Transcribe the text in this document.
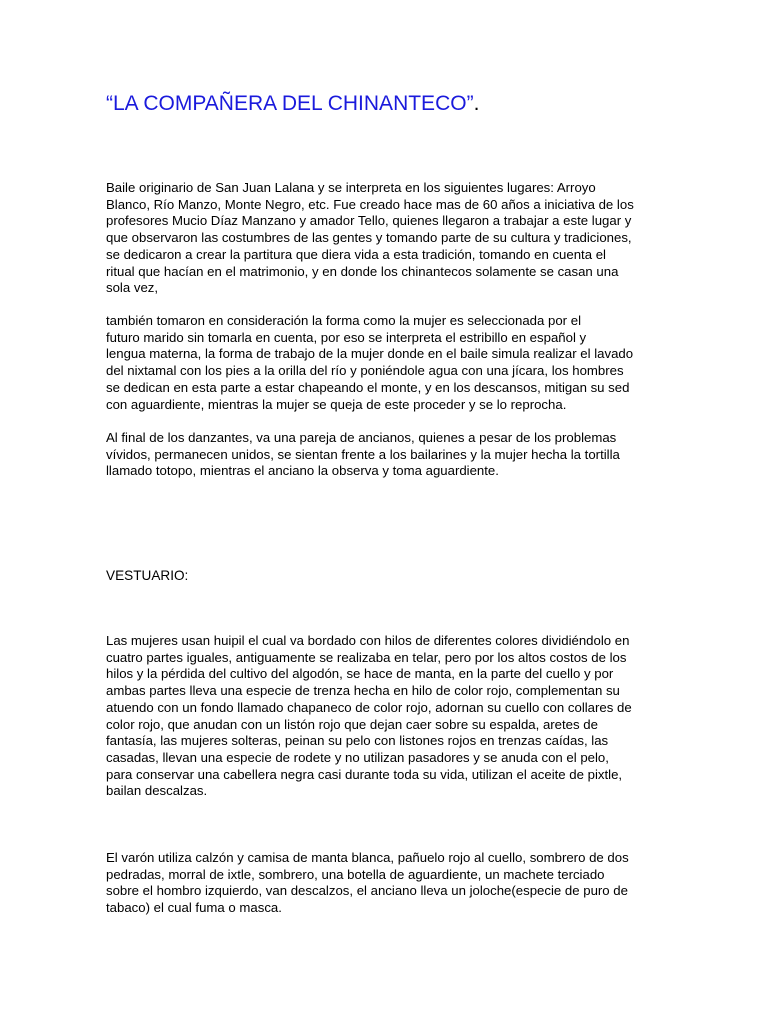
“LA COMPAÑERA DEL CHINANTECO”.

Baile originario de San Juan Lalana y se interpreta en los siguientes lugares: Arroyo
Blanco, Río Manzo, Monte Negro, etc. Fue creado hace mas de 60 años a iniciativa de los
profesores Mucio Díaz Manzano y amador Tello, quienes llegaron a trabajar a este lugar y
que observaron las costumbres de las gentes y tomando parte de su cultura y tradiciones,
se dedicaron a crear la partitura que diera vida a esta tradición, tomando en cuenta el
ritual que hacían en el matrimonio, y en donde los chinantecos solamente se casan una
sola vez,

también tomaron en consideración la forma como la mujer es seleccionada por el
futuro marido sin tomarla en cuenta, por eso se interpreta el estribillo en español y
lengua materna, la forma de trabajo de la mujer donde en el baile simula realizar el lavado
del nixtamal con los pies a la orilla del río y poniéndole agua con una jícara, los hombres
se dedican en esta parte a estar chapeando el monte, y en los descansos, mitigan su sed
con aguardiente, mientras la mujer se queja de este proceder y se lo reprocha.

Al final de los danzantes, va una pareja de ancianos, quienes a pesar de los problemas
vívidos, permanecen unidos, se sientan frente a los bailarines y la mujer hecha la tortilla
llamado totopo, mientras el anciano la observa y toma aguardiente.

VESTUARIO:

Las mujeres usan huipil el cual va bordado con hilos de diferentes colores dividiéndolo en
cuatro partes iguales, antiguamente se realizaba en telar, pero por los altos costos de los
hilos y la pérdida del cultivo del algodón, se hace de manta, en la parte del cuello y por
ambas partes lleva una especie de trenza hecha en hilo de color rojo, complementan su
atuendo con un fondo llamado chapaneco de color rojo, adornan su cuello con collares de
color rojo, que anudan con un listón rojo que dejan caer sobre su espalda, aretes de
fantasía, las mujeres solteras, peinan su pelo con listones rojos en trenzas caídas, las
casadas, llevan una especie de rodete y no utilizan pasadores y se anuda con el pelo,
para conservar una cabellera negra casi durante toda su vida, utilizan el aceite de pixtle,
bailan descalzas.

El varón utiliza calzón y camisa de manta blanca, pañuelo rojo al cuello, sombrero de dos
pedradas, morral de ixtle, sombrero, una botella de aguardiente, un machete terciado
sobre el hombro izquierdo, van descalzos, el anciano lleva un joloche(especie de puro de
tabaco) el cual fuma o masca.
